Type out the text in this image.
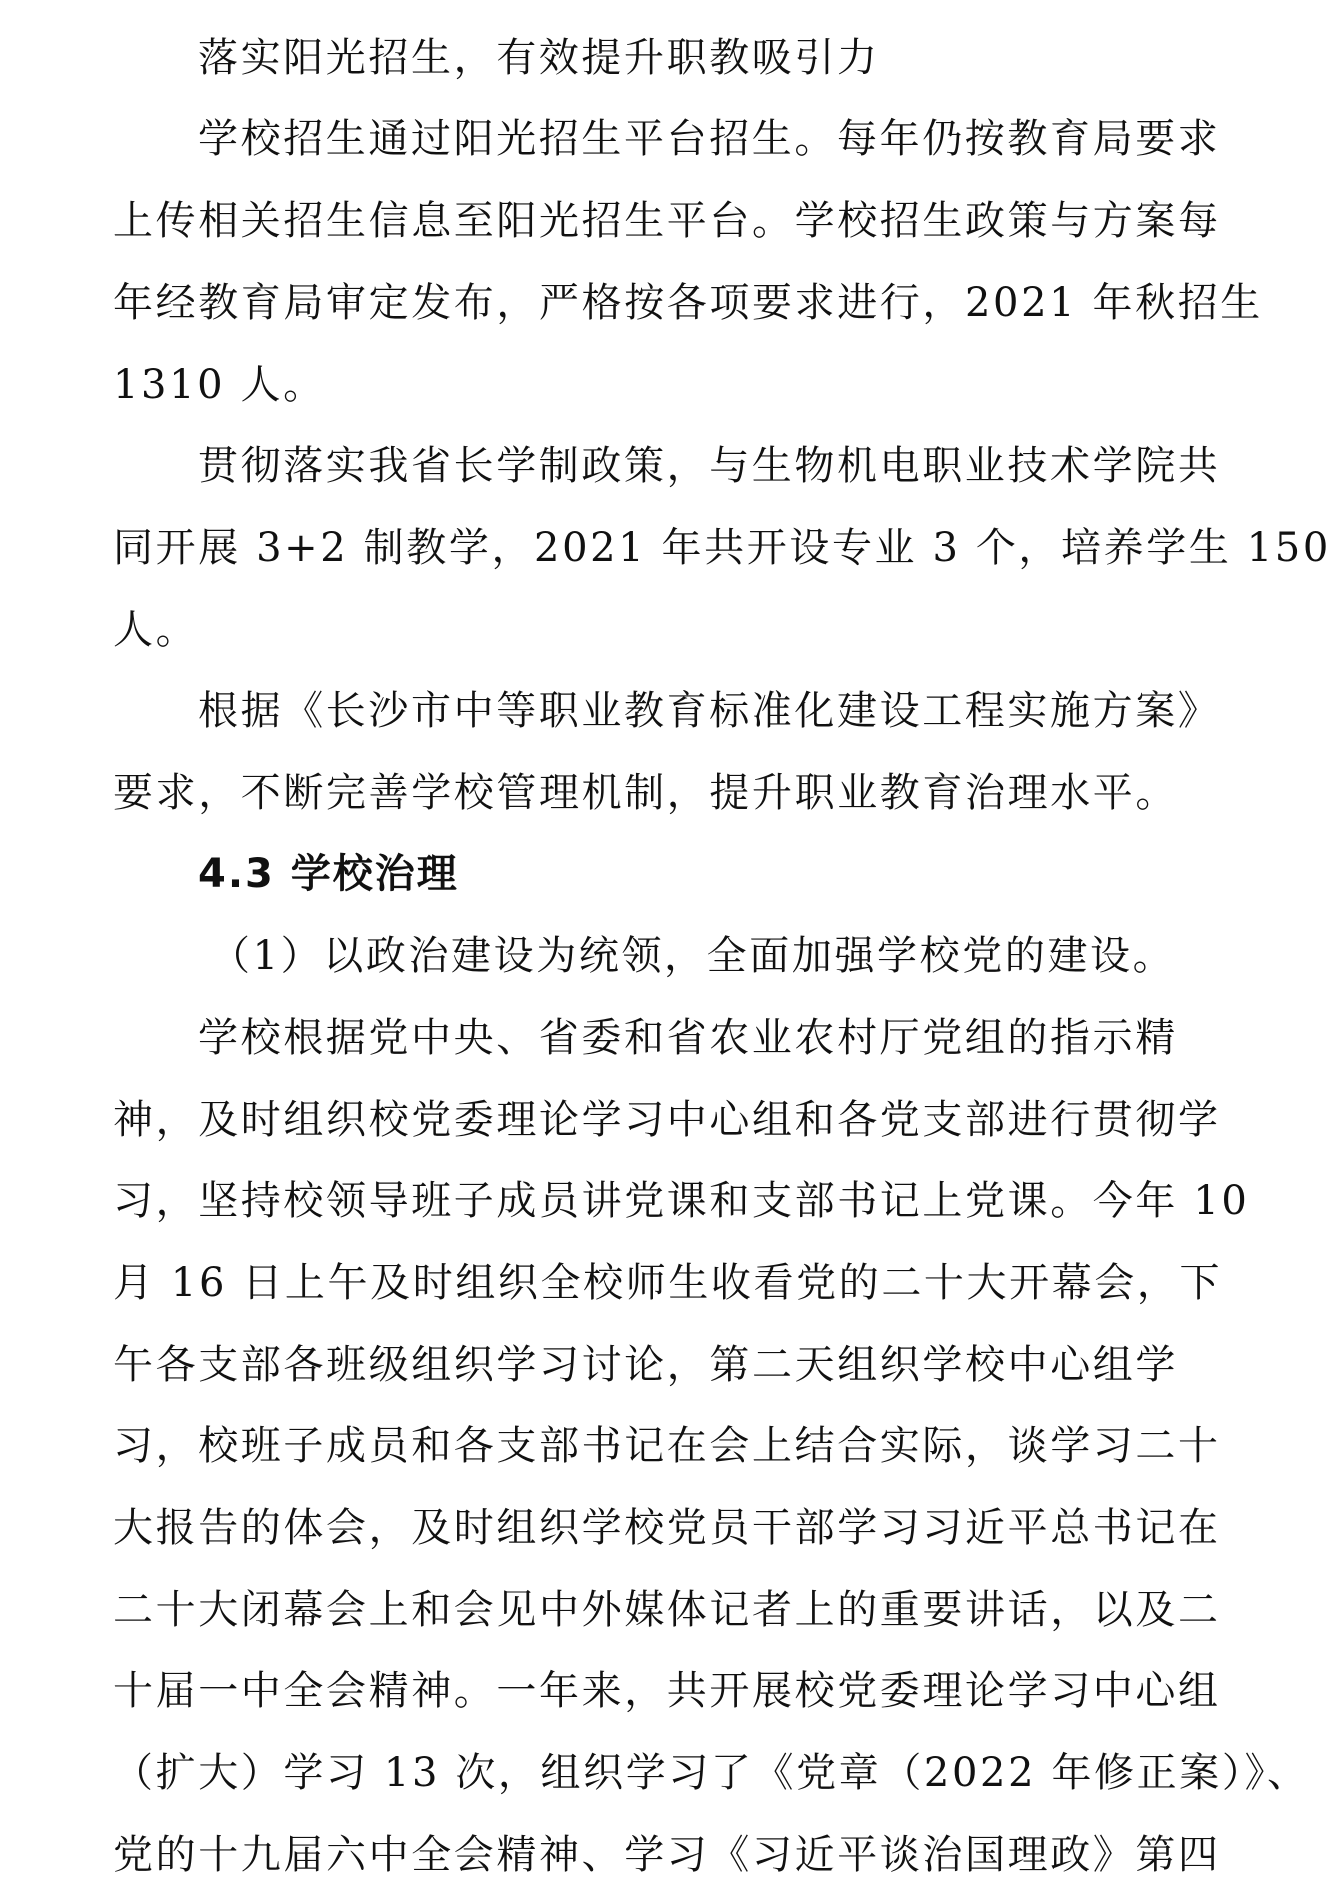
落实阳光招生，有效提升职教吸引力
学校招生通过阳光招生平台招生。每年仍按教育局要求
上传相关招生信息至阳光招生平台。学校招生政策与方案每
年经教育局审定发布，严格按各项要求进行，2021 年秋招生
1310 人。
贯彻落实我省长学制政策，与生物机电职业技术学院共
同开展 3+2 制教学，2021 年共开设专业 3 个，培养学生 150
人。
根据《长沙市中等职业教育标准化建设工程实施方案》
要求，不断完善学校管理机制，提升职业教育治理水平。
4.3 学校治理
（1）以政治建设为统领，全面加强学校党的建设。
学校根据党中央、省委和省农业农村厅党组的指示精
神，及时组织校党委理论学习中心组和各党支部进行贯彻学
习，坚持校领导班子成员讲党课和支部书记上党课。今年 10
月 16 日上午及时组织全校师生收看党的二十大开幕会，下
午各支部各班级组织学习讨论，第二天组织学校中心组学
习，校班子成员和各支部书记在会上结合实际，谈学习二十
大报告的体会，及时组织学校党员干部学习习近平总书记在
二十大闭幕会上和会见中外媒体记者上的重要讲话，以及二
十届一中全会精神。一年来，共开展校党委理论学习中心组
（扩大）学习 13 次，组织学习了《党章（2022 年修正案）》、
党的十九届六中全会精神、学习《习近平谈治国理政》第四
